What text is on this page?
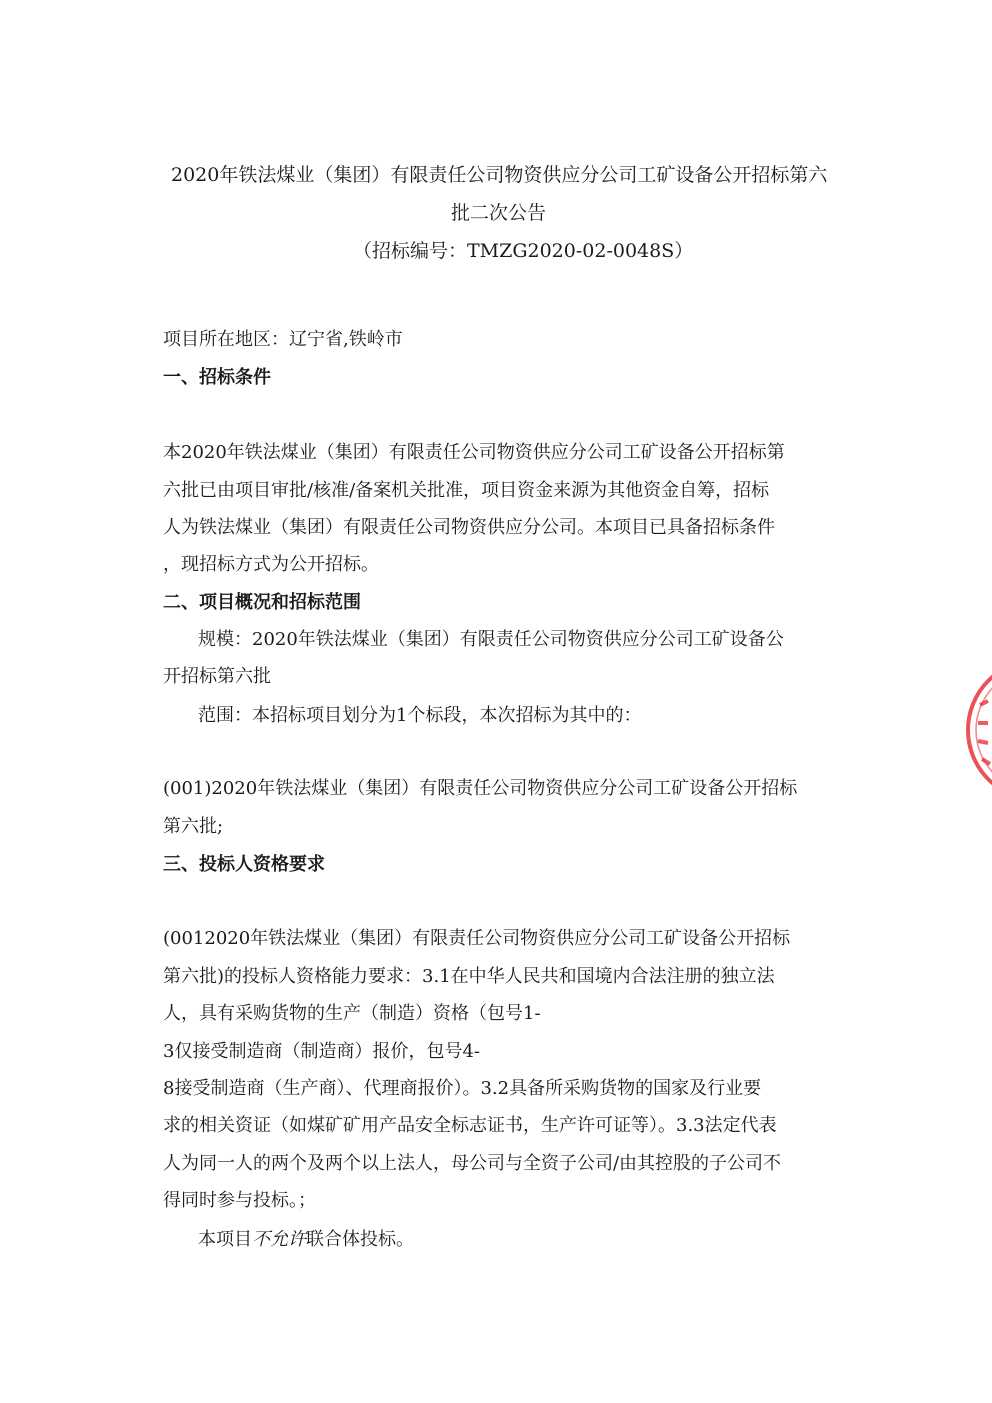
2020年铁法煤业（集团）有限责任公司物资供应分公司工矿设备公开招标第六
批二次公告
（招标编号：TMZG2020-02-0048S）
项目所在地区：辽宁省,铁岭市
一、招标条件
本2020年铁法煤业（集团）有限责任公司物资供应分公司工矿设备公开招标第
六批已由项目审批/核准/备案机关批准，项目资金来源为其他资金自筹，招标
人为铁法煤业（集团）有限责任公司物资供应分公司。本项目已具备招标条件
，现招标方式为公开招标。
二、项目概况和招标范围
规模：2020年铁法煤业（集团）有限责任公司物资供应分公司工矿设备公
开招标第六批
范围：本招标项目划分为1个标段，本次招标为其中的：
(001)2020年铁法煤业（集团）有限责任公司物资供应分公司工矿设备公开招标
第六批;
三、投标人资格要求
(0012020年铁法煤业（集团）有限责任公司物资供应分公司工矿设备公开招标
第六批)的投标人资格能力要求：3.1在中华人民共和国境内合法注册的独立法
人，具有采购货物的生产（制造）资格（包号1-
3仅接受制造商（制造商）报价，包号4-
8接受制造商（生产商）、代理商报价）。3.2具备所采购货物的国家及行业要
求的相关资证（如煤矿矿用产品安全标志证书，生产许可证等）。3.3法定代表
人为同一人的两个及两个以上法人，母公司与全资子公司/由其控股的子公司不
得同时参与投标。；
本项目不允许联合体投标。
